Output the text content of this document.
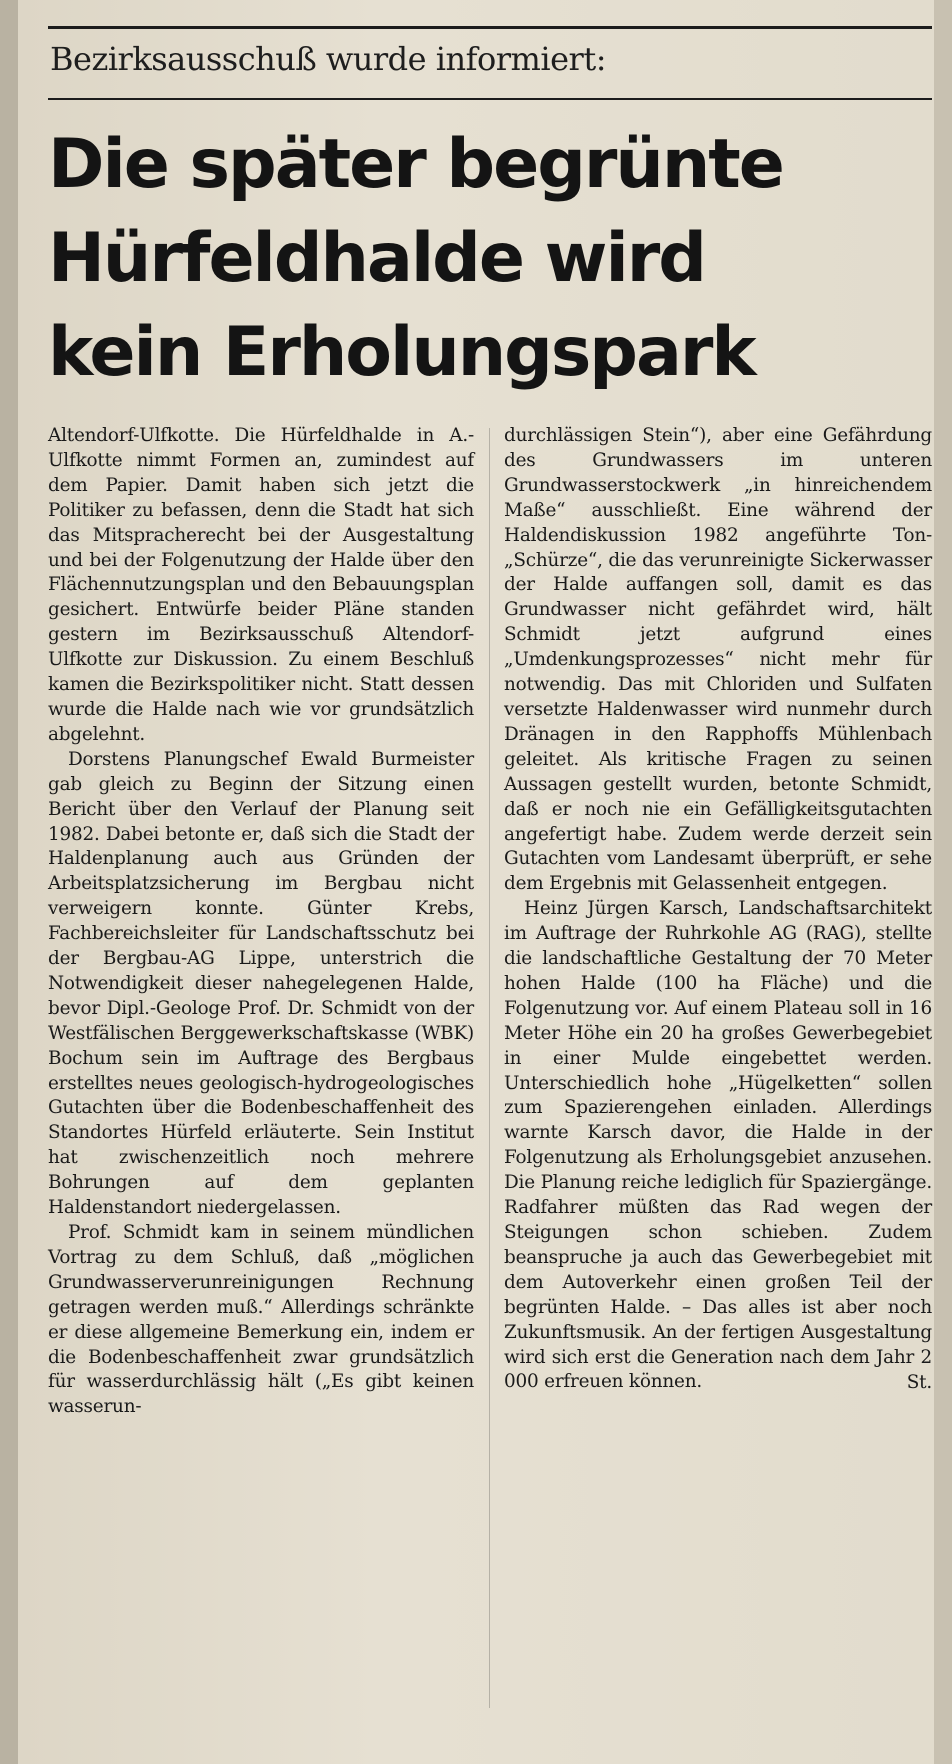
Bezirksausschuß wurde informiert:
Die später begrünte
Hürfeldhalde wird
kein Erholungspark

Altendorf-Ulfkotte. Die Hürfeldhalde in A.-Ulfkotte nimmt Formen an, zumindest auf dem Papier. Damit haben sich jetzt die Politiker zu befassen, denn die Stadt hat sich das Mitspracherecht bei der Ausgestaltung und bei der Folgenutzung der Halde über den Flächennutzungsplan und den Bebauungsplan gesichert. Entwürfe beider Pläne standen gestern im Bezirksausschuß Altendorf-Ulfkotte zur Diskussion. Zu einem Beschluß kamen die Bezirkspolitiker nicht. Statt dessen wurde die Halde nach wie vor grundsätzlich abgelehnt.

Dorstens Planungschef Ewald Burmeister gab gleich zu Beginn der Sitzung einen Bericht über den Verlauf der Planung seit 1982. Dabei betonte er, daß sich die Stadt der Haldenplanung auch aus Gründen der Arbeitsplatzsicherung im Bergbau nicht verweigern konnte. Günter Krebs, Fachbereichsleiter für Landschaftsschutz bei der Bergbau-AG Lippe, unterstrich die Notwendigkeit dieser nahegelegenen Halde, bevor Dipl.-Geologe Prof. Dr. Schmidt von der Westfälischen Berggewerkschaftskasse (WBK) Bochum sein im Auftrage des Bergbaus erstelltes neues geologisch-hydrogeologisches Gutachten über die Bodenbeschaffenheit des Standortes Hürfeld erläuterte. Sein Institut hat zwischenzeitlich noch mehrere Bohrungen auf dem geplanten Haldenstandort niedergelassen.

Prof. Schmidt kam in seinem mündlichen Vortrag zu dem Schluß, daß „möglichen Grundwasserverunreinigungen Rechnung getragen werden muß.“ Allerdings schränkte er diese allgemeine Bemerkung ein, indem er die Bodenbeschaffenheit zwar grundsätzlich für wasserdurchlässig hält („Es gibt keinen wasserun-

durchlässigen Stein“), aber eine Gefährdung des Grundwassers im unteren Grundwasserstockwerk „in hinreichendem Maße“ ausschließt. Eine während der Haldendiskussion 1982 angeführte Ton-„Schürze“, die das verunreinigte Sickerwasser der Halde auffangen soll, damit es das Grundwasser nicht gefährdet wird, hält Schmidt jetzt aufgrund eines „Umdenkungsprozesses“ nicht mehr für notwendig. Das mit Chloriden und Sulfaten versetzte Haldenwasser wird nunmehr durch Dränagen in den Rapphoffs Mühlenbach geleitet. Als kritische Fragen zu seinen Aussagen gestellt wurden, betonte Schmidt, daß er noch nie ein Gefälligkeitsgutachten angefertigt habe. Zudem werde derzeit sein Gutachten vom Landesamt überprüft, er sehe dem Ergebnis mit Gelassenheit entgegen.

Heinz Jürgen Karsch, Landschaftsarchitekt im Auftrage der Ruhrkohle AG (RAG), stellte die landschaftliche Gestaltung der 70 Meter hohen Halde (100 ha Fläche) und die Folgenutzung vor. Auf einem Plateau soll in 16 Meter Höhe ein 20 ha großes Gewerbegebiet in einer Mulde eingebettet werden. Unterschiedlich hohe „Hügelketten“ sollen zum Spazierengehen einladen. Allerdings warnte Karsch davor, die Halde in der Folgenutzung als Erholungsgebiet anzusehen. Die Planung reiche lediglich für Spaziergänge. Radfahrer müßten das Rad wegen der Steigungen schon schieben. Zudem beanspruche ja auch das Gewerbegebiet mit dem Autoverkehr einen großen Teil der begrünten Halde. – Das alles ist aber noch Zukunftsmusik. An der fertigen Ausgestaltung wird sich erst die Generation nach dem Jahr 2 000 erfreuen können.	St.
